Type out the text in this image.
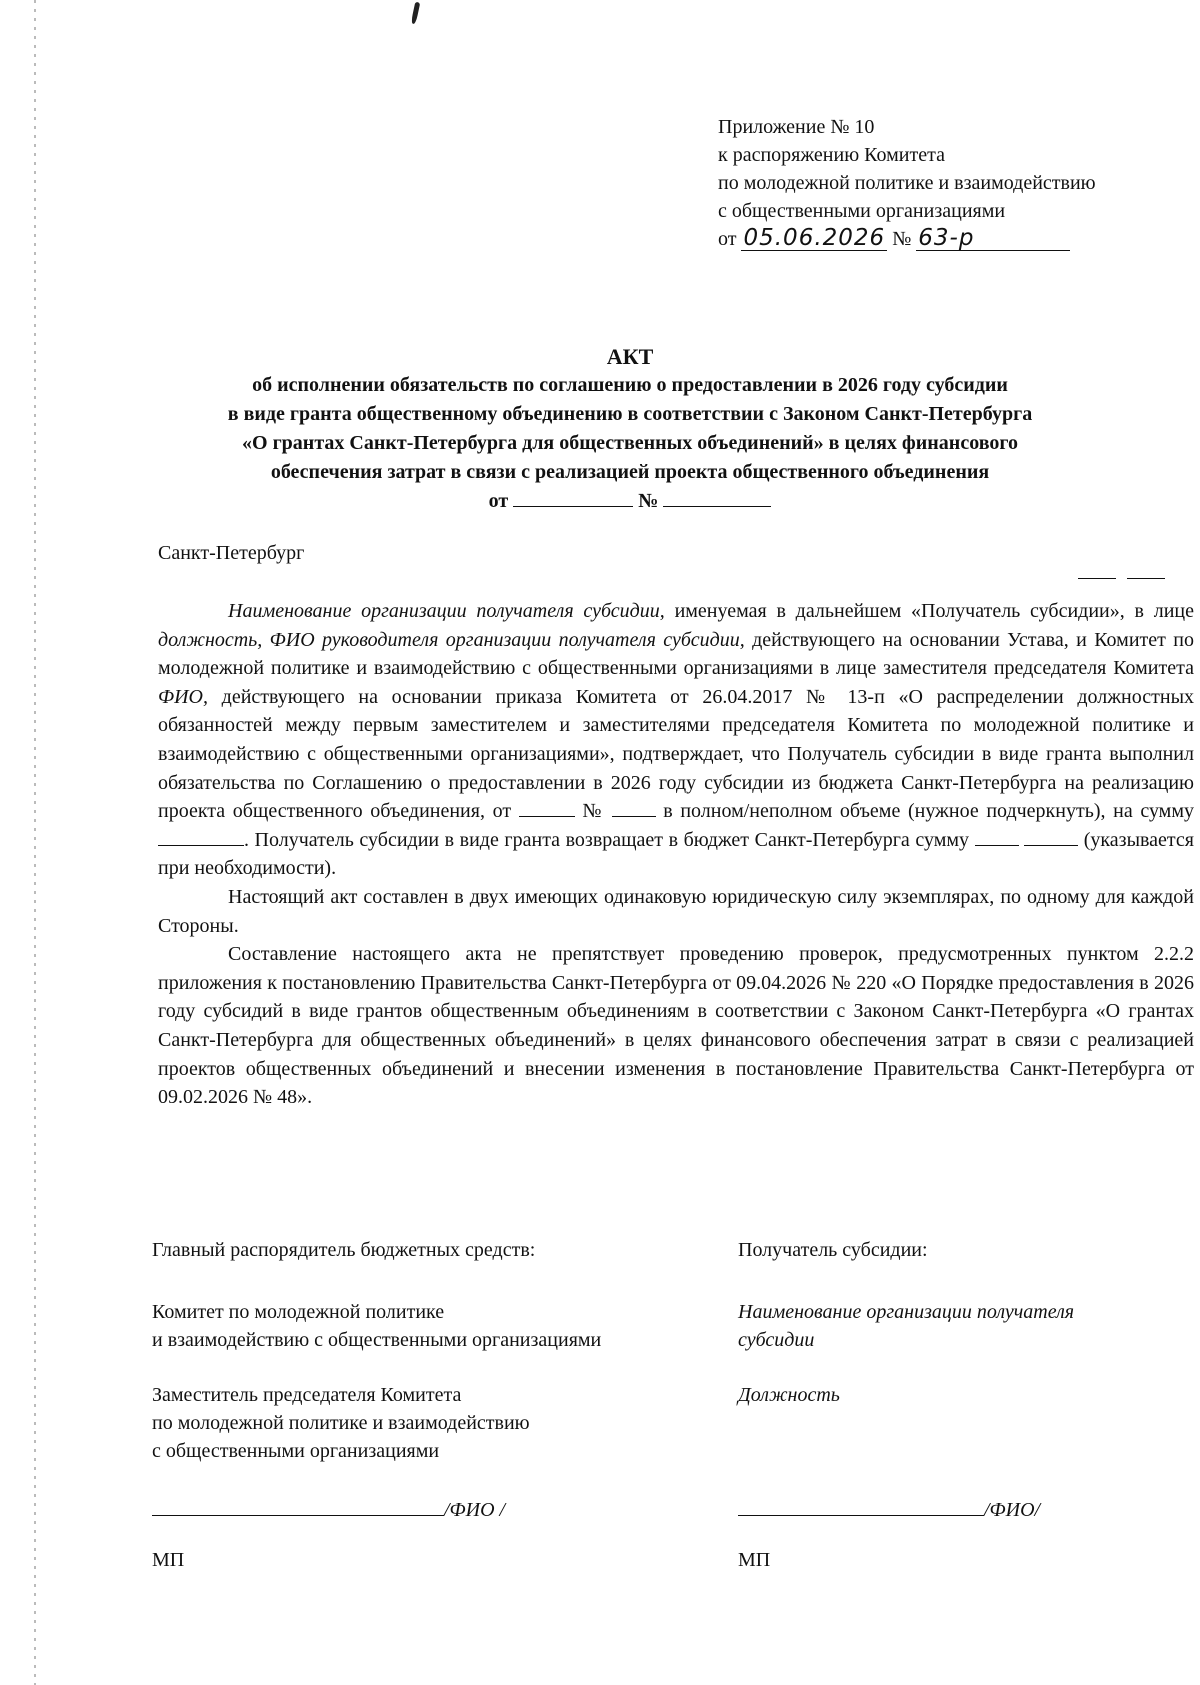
Приложение № 10
к распоряжению Комитета
по молодежной политике и взаимодействию
с общественными организациями
от 05.06.2026 № 63-р
АКТ
об исполнении обязательств по соглашению о предоставлении в 2026 году субсидии
в виде гранта общественному объединению в соответствии с Законом Санкт-Петербурга
«О грантах Санкт-Петербурга для общественных объединений» в целях финансового
обеспечения затрат в связи с реализацией проекта общественного объединения
от	№
Санкт-Петербург

Наименование организации получателя субсидии, именуемая в дальнейшем «Получатель субсидии», в лице должность, ФИО руководителя организации получателя субсидии, действующего на основании Устава, и Комитет по молодежной политике и взаимодействию с общественными организациями в лице заместителя председателя Комитета ФИО, действующего на основании приказа Комитета от 26.04.2017 № 13-п «О распределении должностных обязанностей между первым заместителем и заместителями председателя Комитета по молодежной политике и взаимодействию с общественными организациями», подтверждает, что Получатель субсидии в виде гранта выполнил обязательства по Соглашению о предоставлении в 2026 году субсидии из бюджета Санкт-Петербурга на реализацию проекта общественного объединения, от	№	в полном/неполном объеме (нужное подчеркнуть), на сумму . Получатель субсидии в виде гранта возвращает в бюджет Санкт-Петербурга сумму	(указывается при необходимости).

Настоящий акт составлен в двух имеющих одинаковую юридическую силу экземплярах, по одному для каждой Стороны.

Составление настоящего акта не препятствует проведению проверок, предусмотренных пунктом 2.2.2 приложения к постановлению Правительства Санкт-Петербурга от 09.04.2026 № 220 «О Порядке предоставления в 2026 году субсидий в виде грантов общественным объединениям в соответствии с Законом Санкт-Петербурга «О грантах Санкт-Петербурга для общественных объединений» в целях финансового обеспечения затрат в связи с реализацией проектов общественных объединений и внесении изменения в постановление Правительства Санкт-Петербурга от 09.02.2026 № 48».

Главный распорядитель бюджетных средств:
Комитет по молодежной политике
и взаимодействию с общественными организациями
Заместитель председателя Комитета
по молодежной политике и взаимодействию
с общественными организациями
/ФИО /
МП
Получатель субсидии:
Наименование организации получателя
субсидии
Должность
/ФИО/
МП
